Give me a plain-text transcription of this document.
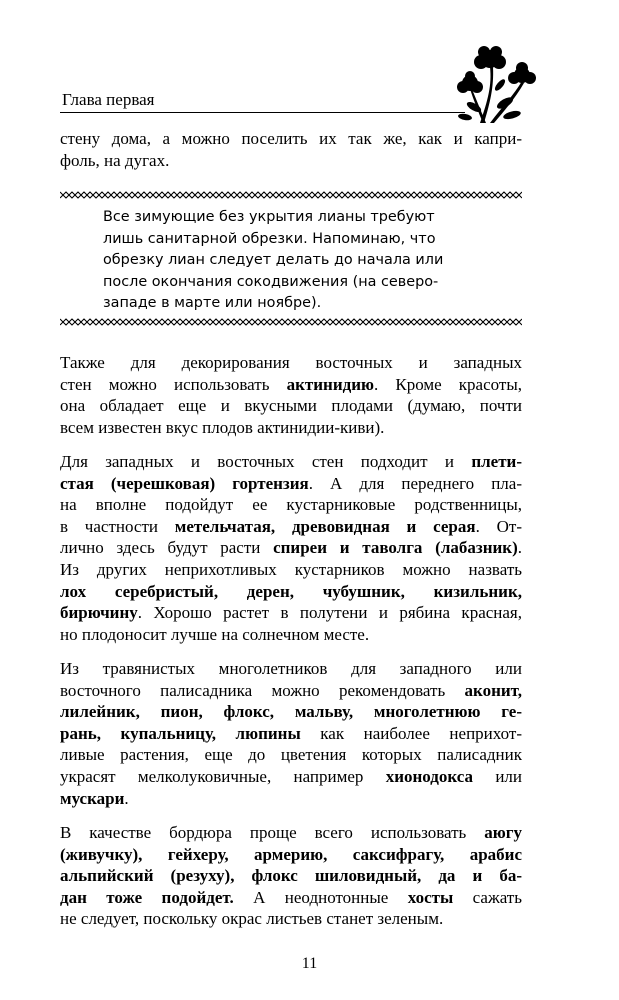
Глава первая
стену дома, а можно поселить их так же, как и капри-
фоль, на дугах.
Все зимующие без укрытия лианы требуют
лишь санитарной обрезки. Напоминаю, что
обрезку лиан следует делать до начала или
после окончания сокодвижения (на северо-
западе в марте или ноябре).
Также для декорирования восточных и западных
стен можно использовать актинидию. Кроме красоты,
она обладает еще и вкусными плодами (думаю, почти
всем известен вкус плодов актинидии-киви).
Для западных и восточных стен подходит и плети-
стая (черешковая) гортензия. А для переднего пла-
на вполне подойдут ее кустарниковые родственницы,
в частности метельчатая, древовидная и серая. От-
лично здесь будут расти спиреи и таволга (лабазник).
Из других неприхотливых кустарников можно назвать
лох серебристый, дерен, чубушник, кизильник,
бирючину. Хорошо растет в полутени и рябина красная,
но плодоносит лучше на солнечном месте.
Из травянистых многолетников для западного или
восточного палисадника можно рекомендовать аконит,
лилейник, пион, флокс, мальву, многолетнюю ге-
рань, купальницу, люпины как наиболее неприхот-
ливые растения, еще до цветения которых палисадник
украсят мелколуковичные, например хионодокса или
мускари.
В качестве бордюра проще всего использовать аюгу
(живучку), гейхеру, армерию, саксифрагу, арабис
альпийский (резуху), флокс шиловидный, да и ба-
дан тоже подойдет. А неоднотонные хосты сажать
не следует, поскольку окрас листьев станет зеленым.
11
